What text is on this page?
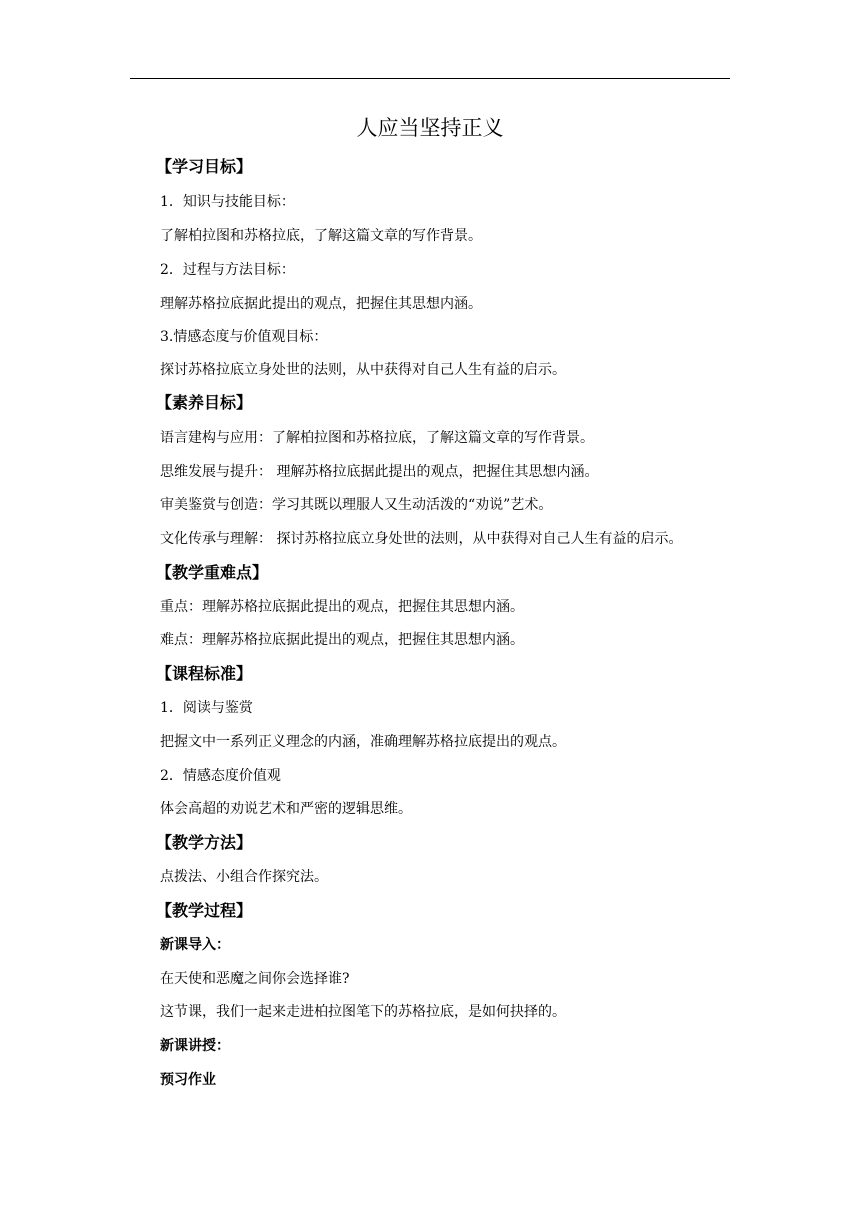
人应当坚持正义
【学习目标】
1．知识与技能目标：
了解柏拉图和苏格拉底，了解这篇文章的写作背景。
2．过程与方法目标：
理解苏格拉底据此提出的观点，把握住其思想内涵。
3.情感态度与价值观目标：
探讨苏格拉底立身处世的法则，从中获得对自己人生有益的启示。
【素养目标】
语言建构与应用：了解柏拉图和苏格拉底，了解这篇文章的写作背景。
思维发展与提升： 理解苏格拉底据此提出的观点，把握住其思想内涵。
审美鉴赏与创造：学习其既以理服人又生动活泼的“劝说”艺术。
文化传承与理解： 探讨苏格拉底立身处世的法则，从中获得对自己人生有益的启示。
【教学重难点】
重点：理解苏格拉底据此提出的观点，把握住其思想内涵。
难点：理解苏格拉底据此提出的观点，把握住其思想内涵。
【课程标准】
1．阅读与鉴赏
把握文中一系列正义理念的内涵，准确理解苏格拉底提出的观点。
2．情感态度价值观
体会高超的劝说艺术和严密的逻辑思维。
【教学方法】
点拨法、小组合作探究法。
【教学过程】
新课导入：
在天使和恶魔之间你会选择谁?
这节课，我们一起来走进柏拉图笔下的苏格拉底，是如何抉择的。
新课讲授：
预习作业
